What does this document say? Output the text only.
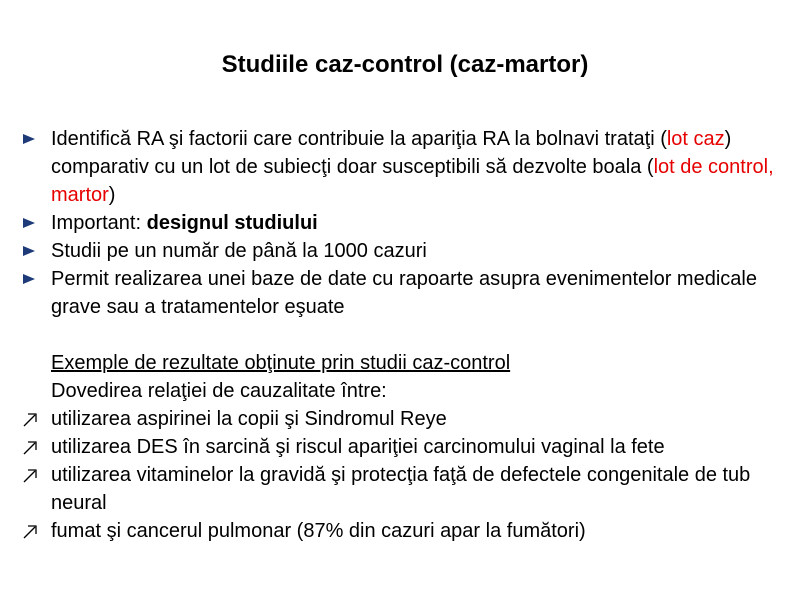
Studiile caz-control (caz-martor)
Identifică RA şi factorii care contribuie la apariţia RA la bolnavi trataţi (lot caz) comparativ cu un lot de subiecţi doar susceptibili să dezvolte boala (lot de control, martor)
Important: designul studiului
Studii pe un număr de până la 1000 cazuri
Permit realizarea unei baze de date cu rapoarte asupra evenimentelor medicale grave sau a tratamentelor eşuate
Exemple de rezultate obţinute prin studii caz-control
Dovedirea relaţiei de cauzalitate între:
utilizarea aspirinei la copii şi Sindromul Reye
utilizarea DES în sarcină şi riscul apariţiei carcinomului vaginal la fete
utilizarea vitaminelor la gravidă şi protecţia faţă de defectele congenitale de tub neural
fumat şi cancerul pulmonar (87% din cazuri apar la fumători)
